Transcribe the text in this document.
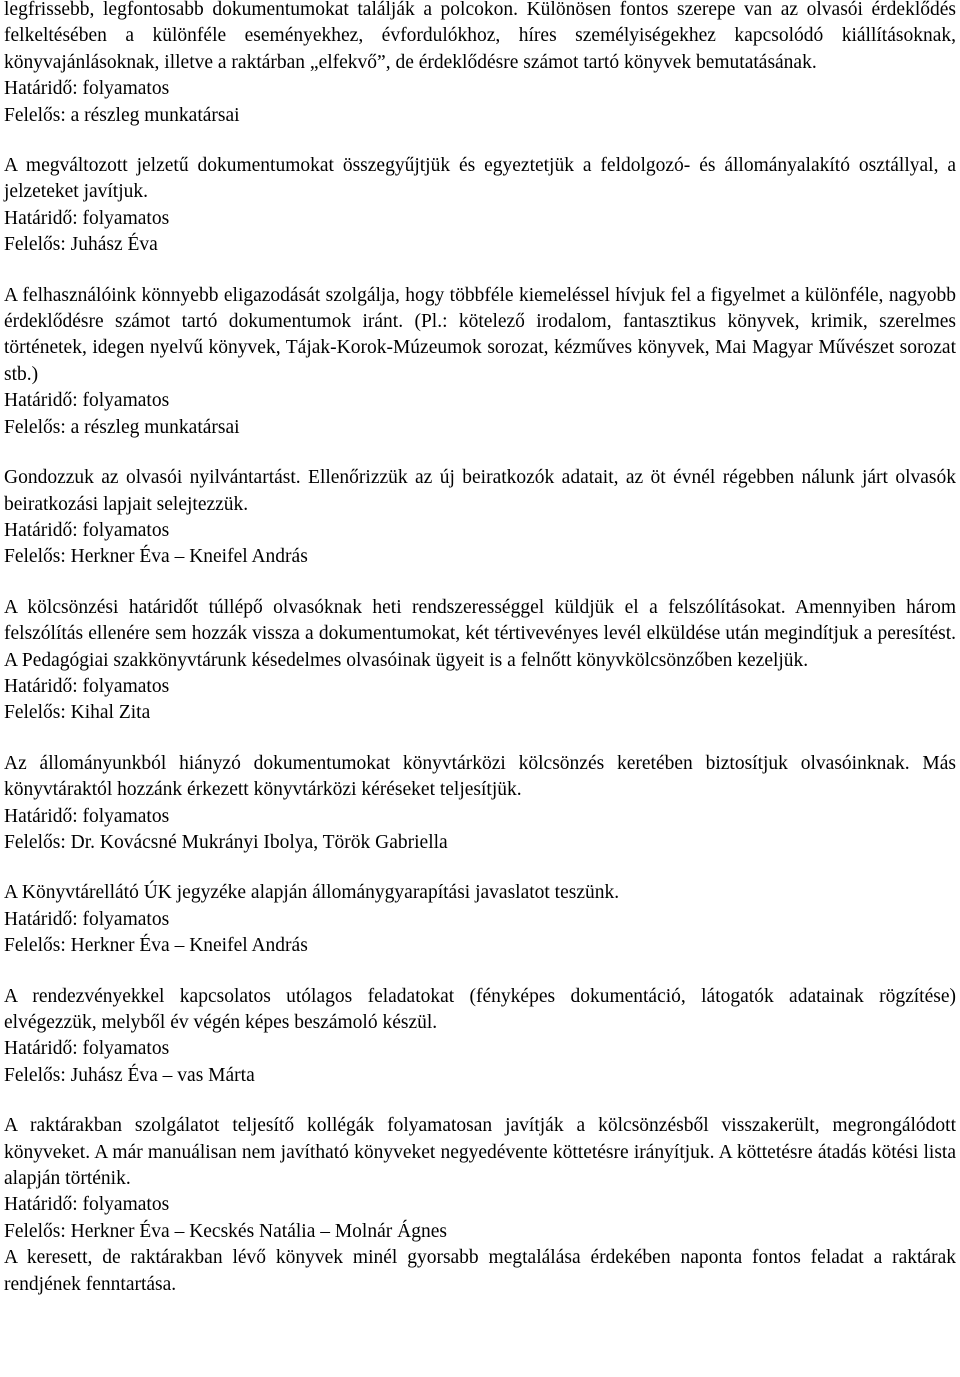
legfrissebb, legfontosabb dokumentumokat találják a polcokon. Különösen fontos szerepe van az olvasói érdeklődés felkeltésében a különféle eseményekhez, évfordulókhoz, híres személyiségekhez kapcsolódó kiállításoknak, könyvajánlásoknak, illetve a raktárban „elfekvő”, de érdeklődésre számot tartó könyvek bemutatásának.

Határidő: folyamatos

Felelős: a részleg munkatársai

A megváltozott jelzetű dokumentumokat összegyűjtjük és egyeztetjük a feldolgozó- és állományalakító osztállyal, a jelzeteket javítjuk.

Határidő: folyamatos

Felelős: Juhász Éva

A felhasználóink könnyebb eligazodását szolgálja, hogy többféle kiemeléssel hívjuk fel a figyelmet a különféle, nagyobb érdeklődésre számot tartó dokumentumok iránt. (Pl.: kötelező irodalom, fantasztikus könyvek, krimik, szerelmes történetek, idegen nyelvű könyvek, Tájak-Korok-Múzeumok sorozat, kézműves könyvek, Mai Magyar Művészet sorozat stb.)

Határidő: folyamatos

Felelős: a részleg munkatársai

Gondozzuk az olvasói nyilvántartást. Ellenőrizzük az új beiratkozók adatait, az öt évnél régebben nálunk járt olvasók beiratkozási lapjait selejtezzük.

Határidő: folyamatos

Felelős: Herkner Éva – Kneifel András

A kölcsönzési határidőt túllépő olvasóknak heti rendszerességgel küldjük el a felszólításokat. Amennyiben három felszólítás ellenére sem hozzák vissza a dokumentumokat, két tértivevényes levél elküldése után megindítjuk a peresítést. A Pedagógiai szakkönyvtárunk késedelmes olvasóinak ügyeit is a felnőtt könyvkölcsönzőben kezeljük.

Határidő: folyamatos

Felelős: Kihal Zita

Az állományunkból hiányzó dokumentumokat könyvtárközi kölcsönzés keretében biztosítjuk olvasóinknak. Más könyvtáraktól hozzánk érkezett könyvtárközi kéréseket teljesítjük.

Határidő: folyamatos

Felelős: Dr. Kovácsné Mukrányi Ibolya, Török Gabriella

A Könyvtárellátó ÚK jegyzéke alapján állománygyarapítási javaslatot teszünk.

Határidő: folyamatos

Felelős: Herkner Éva – Kneifel András

A rendezvényekkel kapcsolatos utólagos feladatokat (fényképes dokumentáció, látogatók adatainak rögzítése) elvégezzük, melyből év végén képes beszámoló készül.

Határidő: folyamatos

Felelős: Juhász Éva – vas Márta

A raktárakban szolgálatot teljesítő kollégák folyamatosan javítják a kölcsönzésből visszakerült, megrongálódott könyveket. A már manuálisan nem javítható könyveket negyedévente köttetésre irányítjuk. A köttetésre átadás kötési lista alapján történik.

Határidő: folyamatos

Felelős: Herkner Éva – Kecskés Natália – Molnár Ágnes

A keresett, de raktárakban lévő könyvek minél gyorsabb megtalálása érdekében naponta fontos feladat a raktárak rendjének fenntartása.
